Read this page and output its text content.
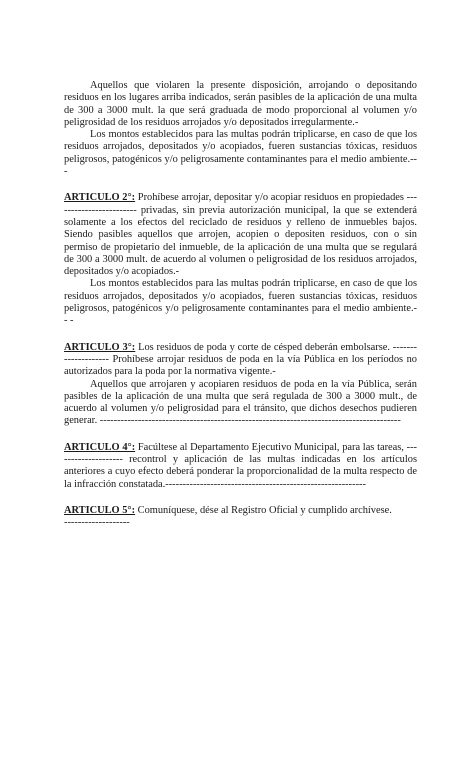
Aquellos que violaren la presente disposición, arrojando o depositando residuos en los lugares arriba indicados, serán pasibles de la aplicación de una multa de 300 a 3000 mult. la que será graduada de modo proporcional al volumen y/o peligrosidad de los residuos arrojados y/o depositados irregularmente.-

Los montos establecidos para las multas podrán triplicarse, en caso de que los residuos arrojados, depositados y/o acopiados, fueren sustancias tóxicas, residuos peligrosos, patogénicos y/o peligrosamente contaminantes para el medio ambiente.-- -

ARTICULO 2°: Prohíbese arrojar, depositar y/o acopiar residuos en propiedades ------------------------ privadas, sin previa autorización municipal, la que se extenderá solamente a los efectos del reciclado de residuos y relleno de inmuebles bajos. Siendo pasibles aquellos que arrojen, acopien o depositen residuos, con o sin permiso de propietario del inmueble, de la aplicación de una multa que se regulará de 300 a 3000 mult. de acuerdo al volumen o peligrosidad de los residuos arrojados, depositados y/o acopiados.-

Los montos establecidos para las multas podrán triplicarse, en caso de que los residuos arrojados, depositados y/o acopiados, fueren sustancias tóxicas, residuos peligrosos, patogénicos y/o peligrosamente contaminantes para el medio ambiente.- - -

ARTICULO 3°: Los residuos de poda y corte de césped deberán embolsarse. -------------------- Prohíbese arrojar residuos de poda en la vía Pública en los períodos no autorizados para la poda por la normativa vigente.-

Aquellos que arrojaren y acopiaren residuos de poda en la vía Pública, serán pasibles de la aplicación de una multa que será regulada de 300 a 3000 mult., de acuerdo al volumen y/o peligrosidad para el tránsito, que dichos desechos pudieren generar. ---------------------------------------------------------------------------------------

ARTICULO 4°: Facúltese al Departamento Ejecutivo Municipal, para las tareas, -------------------- recontrol y aplicación de las multas indicadas en los artículos anteriores a cuyo efecto deberá ponderar la proporcionalidad de la multa respecto de la infracción constatada.----------------------------------------------------------

ARTICULO 5°: Comuníquese, dése al Registro Oficial y cumplido archívese.

-------------------
